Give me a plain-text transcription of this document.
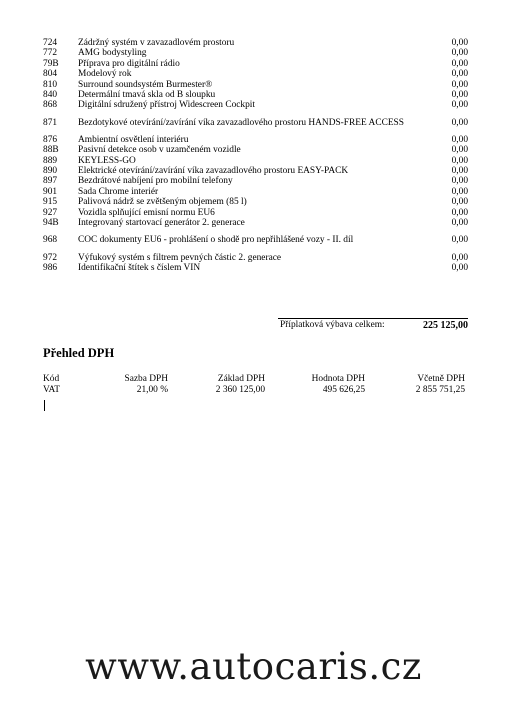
724	Zádržný systém v zavazadlovém prostoru	0,00
772	AMG bodystyling	0,00
79B	Příprava pro digitální rádio	0,00
804	Modelový rok	0,00
810	Surround soundsystém Burmester®	0,00
840	Determální tmavá skla od B sloupku	0,00
868	Digitální sdružený přístroj Widescreen Cockpit	0,00
871	Bezdotykové otevírání/zavírání víka zavazadlového prostoru HANDS-FREE ACCESS	0,00
876	Ambientní osvětlení interiéru	0,00
88B	Pasivní detekce osob v uzamčeném vozidle	0,00
889	KEYLESS-GO	0,00
890	Elektrické otevírání/zavírání víka zavazadlového prostoru EASY-PACK	0,00
897	Bezdrátové nabíjení pro mobilní telefony	0,00
901	Sada Chrome interiér	0,00
915	Palivová nádrž se zvětšeným objemem (85 l)	0,00
927	Vozidla splňující emisní normu EU6	0,00
94B	Integrovaný startovací generátor 2. generace	0,00
968	COC dokumenty EU6 - prohlášení o shodě pro nepřihlášené vozy - II. díl	0,00
972	Výfukový systém s filtrem pevných částic 2. generace	0,00
986	Identifikační štítek s číslem VIN	0,00
Příplatková výbava celkem:	225 125,00
Přehled DPH
Kód	Sazba DPH	Základ DPH	Hodnota DPH	Včetně DPH
VAT	21,00 %	2 360 125,00	495 626,25	2 855 751,25
www.autocaris.cz
